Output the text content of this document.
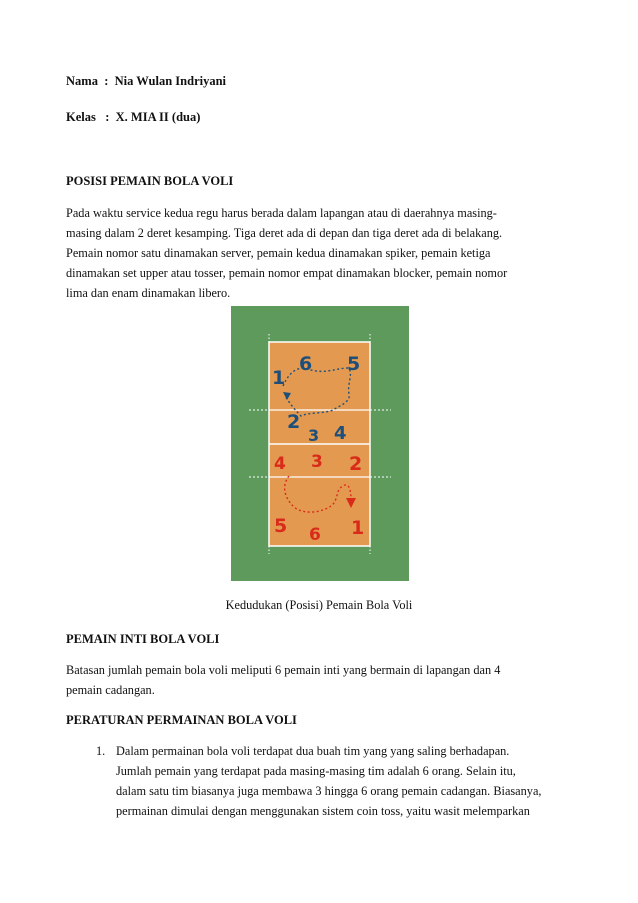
Nama : Nia Wulan Indriyani
Kelas : X. MIA II (dua)
POSISI PEMAIN BOLA VOLI
Pada waktu service kedua regu harus berada dalam lapangan atau di daerahnya masing-
masing dalam 2 deret kesamping. Tiga deret ada di depan dan tiga deret ada di belakang.
Pemain nomor satu dinamakan server, pemain kedua dinamakan spiker, pemain ketiga
dinamakan set upper atau tosser, pemain nomor empat dinamakan blocker, pemain nomor
lima dan enam dinamakan libero.
1
6 5
2
3 4
4 3 2
5 6 1
Kedudukan (Posisi) Pemain Bola Voli
PEMAIN INTI BOLA VOLI
Batasan jumlah pemain bola voli meliputi 6 pemain inti yang bermain di lapangan dan 4
pemain cadangan.
PERATURAN PERMAINAN BOLA VOLI
1. Dalam permainan bola voli terdapat dua buah tim yang yang saling berhadapan.
Jumlah pemain yang terdapat pada masing-masing tim adalah 6 orang. Selain itu,
dalam satu tim biasanya juga membawa 3 hingga 6 orang pemain cadangan. Biasanya,
permainan dimulai dengan menggunakan sistem coin toss, yaitu wasit melemparkan
